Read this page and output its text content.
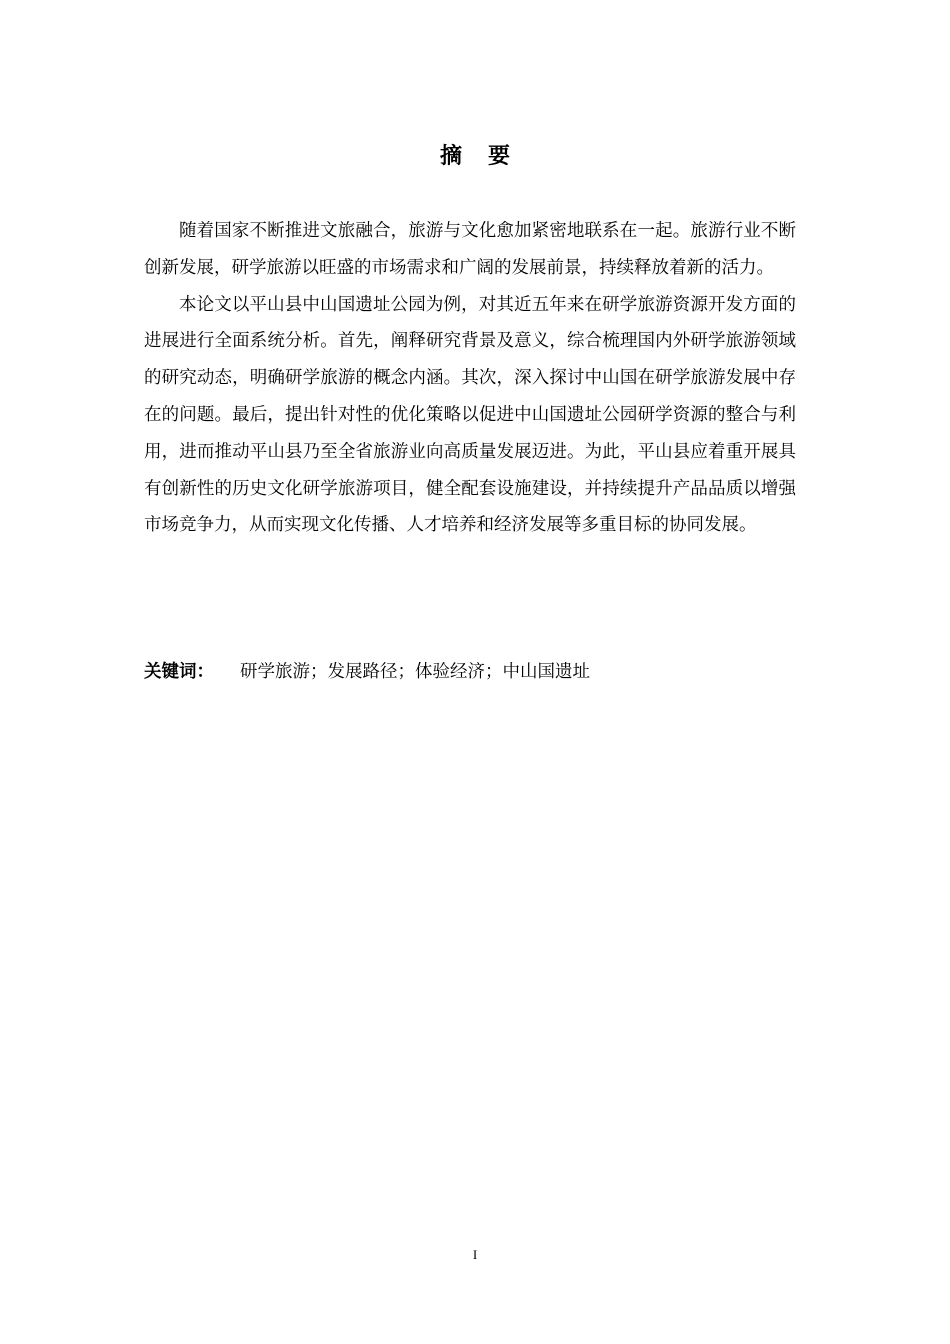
摘要

随着国家不断推进文旅融合，旅游与文化愈加紧密地联系在一起。旅游行业不断创新发展，研学旅游以旺盛的市场需求和广阔的发展前景，持续释放着新的活力。

本论文以平山县中山国遗址公园为例，对其近五年来在研学旅游资源开发方面的进展进行全面系统分析。首先，阐释研究背景及意义，综合梳理国内外研学旅游领域的研究动态，明确研学旅游的概念内涵。其次，深入探讨中山国在研学旅游发展中存在的问题。最后，提出针对性的优化策略以促进中山国遗址公园研学资源的整合与利用，进而推动平山县乃至全省旅游业向高质量发展迈进。为此，平山县应着重开展具有创新性的历史文化研学旅游项目，健全配套设施建设，并持续提升产品品质以增强市场竞争力，从而实现文化传播、人才培养和经济发展等多重目标的协同发展。

关键词： 研学旅游；发展路径；体验经济；中山国遗址
I
